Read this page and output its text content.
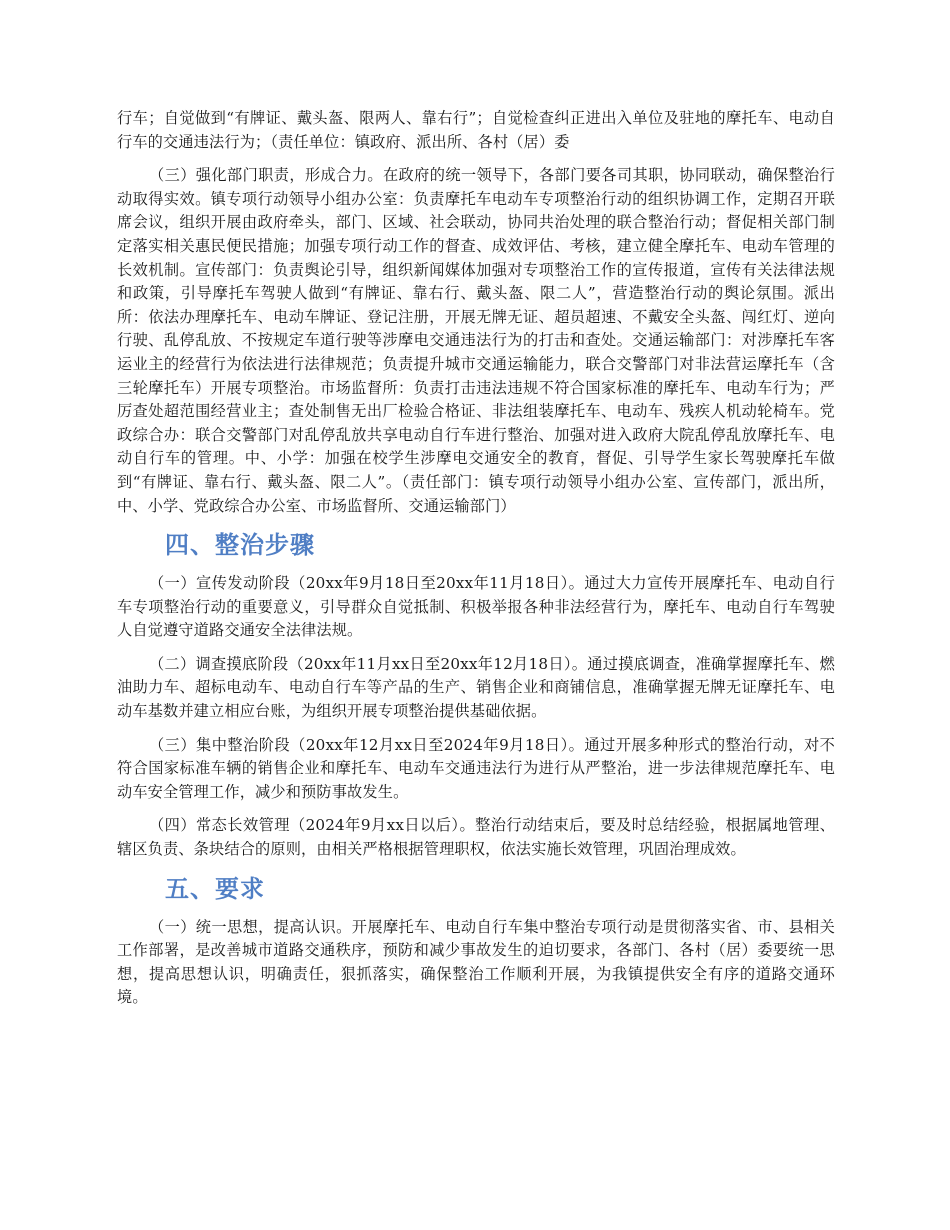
行车；自觉做到“有牌证、戴头盔、限两人、靠右行”；自觉检查纠正进出入单位及驻地的摩托车、电动自行车的交通违法行为；（责任单位：镇政府、派出所、各村（居）委

（三）强化部门职责，形成合力。在政府的统一领导下，各部门要各司其职，协同联动，确保整治行动取得实效。镇专项行动领导小组办公室：负责摩托车电动车专项整治行动的组织协调工作，定期召开联席会议，组织开展由政府牵头，部门、区域、社会联动，协同共治处理的联合整治行动；督促相关部门制定落实相关惠民便民措施；加强专项行动工作的督查、成效评估、考核，建立健全摩托车、电动车管理的长效机制。宣传部门：负责舆论引导，组织新闻媒体加强对专项整治工作的宣传报道，宣传有关法律法规和政策，引导摩托车驾驶人做到“有牌证、靠右行、戴头盔、限二人”，营造整治行动的舆论氛围。派出所：依法办理摩托车、电动车牌证、登记注册，开展无牌无证、超员超速、不戴安全头盔、闯红灯、逆向行驶、乱停乱放、不按规定车道行驶等涉摩电交通违法行为的打击和查处。交通运输部门：对涉摩托车客运业主的经营行为依法进行法律规范；负责提升城市交通运输能力，联合交警部门对非法营运摩托车（含三轮摩托车）开展专项整治。市场监督所：负责打击违法违规不符合国家标准的摩托车、电动车行为；严厉查处超范围经营业主；查处制售无出厂检验合格证、非法组装摩托车、电动车、残疾人机动轮椅车。党政综合办：联合交警部门对乱停乱放共享电动自行车进行整治、加强对进入政府大院乱停乱放摩托车、电动自行车的管理。中、小学：加强在校学生涉摩电交通安全的教育，督促、引导学生家长驾驶摩托车做到“有牌证、靠右行、戴头盔、限二人”。（责任部门：镇专项行动领导小组办公室、宣传部门，派出所，中、小学、党政综合办公室、市场监督所、交通运输部门）

四、整治步骤

（一）宣传发动阶段（20xx年9月18日至20xx年11月18日）。通过大力宣传开展摩托车、电动自行车专项整治行动的重要意义，引导群众自觉抵制、积极举报各种非法经营行为，摩托车、电动自行车驾驶人自觉遵守道路交通安全法律法规。

（二）调查摸底阶段（20xx年11月xx日至20xx年12月18日）。通过摸底调查，准确掌握摩托车、燃油助力车、超标电动车、电动自行车等产品的生产、销售企业和商铺信息，准确掌握无牌无证摩托车、电动车基数并建立相应台账，为组织开展专项整治提供基础依据。

（三）集中整治阶段（20xx年12月xx日至2024年9月18日）。通过开展多种形式的整治行动，对不符合国家标准车辆的销售企业和摩托车、电动车交通违法行为进行从严整治，进一步法律规范摩托车、电动车安全管理工作，减少和预防事故发生。

（四）常态长效管理（2024年9月xx日以后）。整治行动结束后，要及时总结经验，根据属地管理、辖区负责、条块结合的原则，由相关严格根据管理职权，依法实施长效管理，巩固治理成效。

五、要求

（一）统一思想，提高认识。开展摩托车、电动自行车集中整治专项行动是贯彻落实省、市、县相关工作部署，是改善城市道路交通秩序，预防和减少事故发生的迫切要求，各部门、各村（居）委要统一思想，提高思想认识，明确责任，狠抓落实，确保整治工作顺利开展，为我镇提供安全有序的道路交通环境。
